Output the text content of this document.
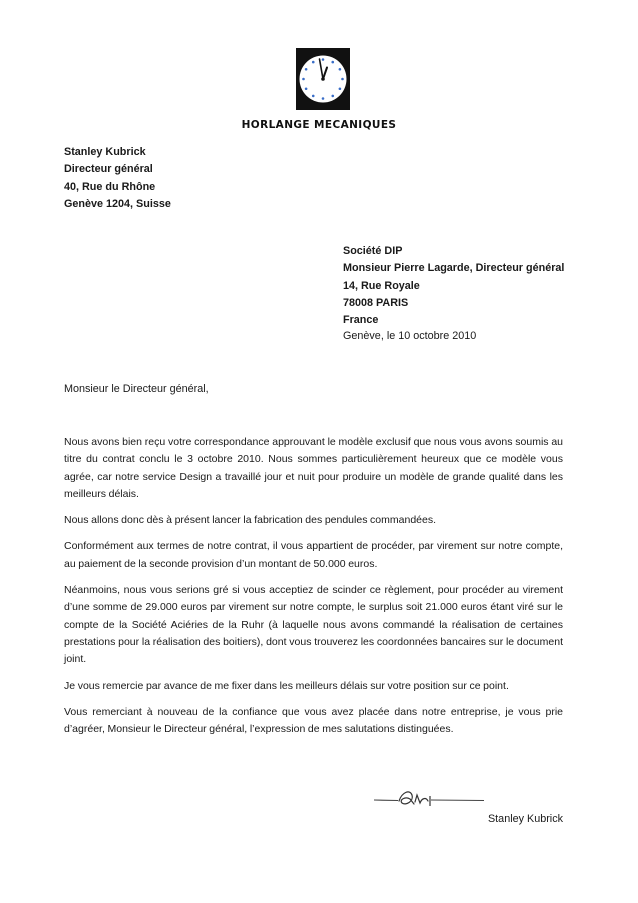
HORLANGE MECANIQUES
Stanley Kubrick
Directeur général
40, Rue du Rhône
Genève 1204, Suisse
Société DIP
Monsieur Pierre Lagarde, Directeur général
14, Rue Royale
78008 PARIS
France
Genève, le 10 octobre 2010
Monsieur le Directeur général,

Nous avons bien reçu votre correspondance approuvant le modèle exclusif que nous vous avons soumis au titre du contrat conclu le 3 octobre 2010. Nous sommes particulièrement heureux que ce modèle vous agrée, car notre service Design a travaillé jour et nuit pour produire un modèle de grande qualité dans les meilleurs délais.

Nous allons donc dès à présent lancer la fabrication des pendules commandées.

Conformément aux termes de notre contrat, il vous appartient de procéder, par virement sur notre compte, au paiement de la seconde provision d’un montant de 50.000 euros.

Néanmoins, nous vous serions gré si vous acceptiez de scinder ce règlement, pour procéder au virement d’une somme de 29.000 euros par virement sur notre compte, le surplus soit 21.000 euros étant viré sur le compte de la Société Aciéries de la Ruhr (à laquelle nous avons commandé la réalisation de certaines prestations pour la réalisation des boitiers), dont vous trouverez les coordonnées bancaires sur le document joint.

Je vous remercie par avance de me fixer dans les meilleurs délais sur votre position sur ce point.

Vous remerciant à nouveau de la confiance que vous avez placée dans notre entreprise, je vous prie d’agréer, Monsieur le Directeur général, l’expression de mes salutations distinguées.

Stanley Kubrick
